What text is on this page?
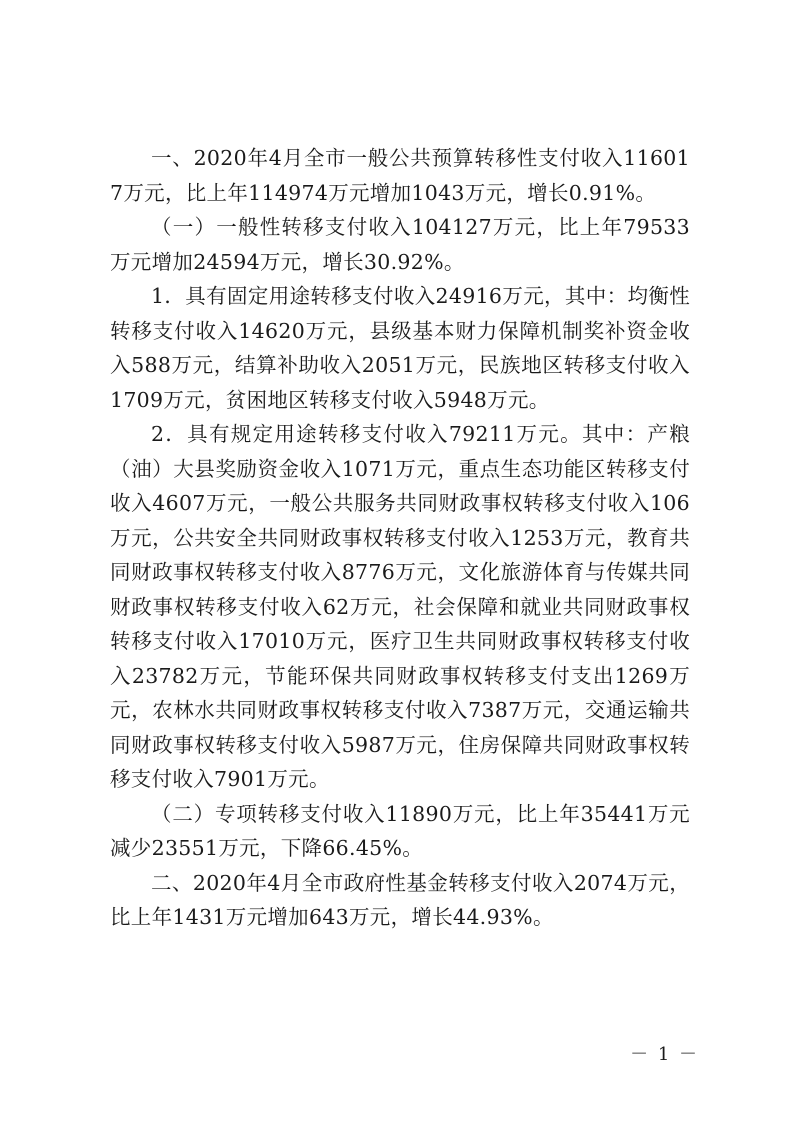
一、2020年4月全市一般公共预算转移性支付收入116017万元，比上年114974万元增加1043万元，增长0.91%。

（一）一般性转移支付收入104127万元，比上年79533万元增加24594万元，增长30.92%。

1．具有固定用途转移支付收入24916万元，其中：均衡性转移支付收入14620万元，县级基本财力保障机制奖补资金收入588万元，结算补助收入2051万元，民族地区转移支付收入1709万元，贫困地区转移支付收入5948万元。

2．具有规定用途转移支付收入79211万元。其中：产粮（油）大县奖励资金收入1071万元，重点生态功能区转移支付收入4607万元，一般公共服务共同财政事权转移支付收入106万元，公共安全共同财政事权转移支付收入1253万元，教育共同财政事权转移支付收入8776万元，文化旅游体育与传媒共同财政事权转移支付收入62万元，社会保障和就业共同财政事权转移支付收入17010万元，医疗卫生共同财政事权转移支付收入23782万元，节能环保共同财政事权转移支付支出1269万元，农林水共同财政事权转移支付收入7387万元，交通运输共同财政事权转移支付收入5987万元，住房保障共同财政事权转移支付收入7901万元。

（二）专项转移支付收入11890万元，比上年35441万元减少23551万元，下降66.45%。

二、2020年4月全市政府性基金转移支付收入2074万元，比上年1431万元增加643万元，增长44.93%。

－ 1 －
